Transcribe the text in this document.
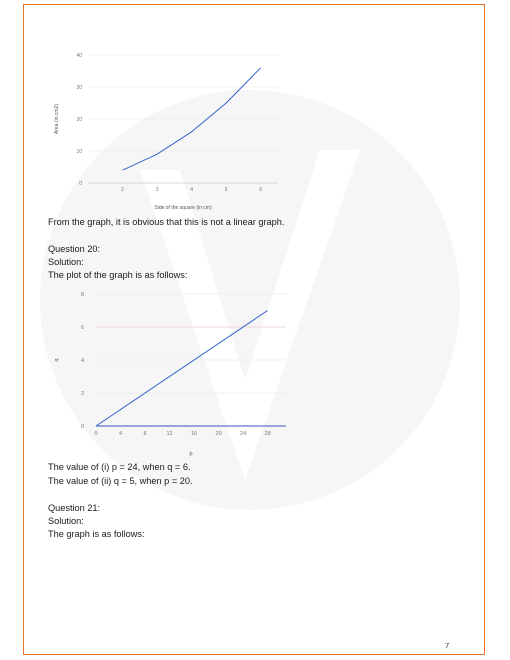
0
10
20
30
40
2	3	4	5	6
Side of the square (in cm)
Area (in cm2)
From the graph, it is obvious that this is not a linear graph.
Question 20:
Solution:
The plot of the graph is as follows:
0
2
4
6
8
0	4	8	12	16	20	24	28
p
q
The value of (i) p = 24, when q = 6.
The value of (ii) q = 5, when p = 20.
Question 21:
Solution:
The graph is as follows:
7
